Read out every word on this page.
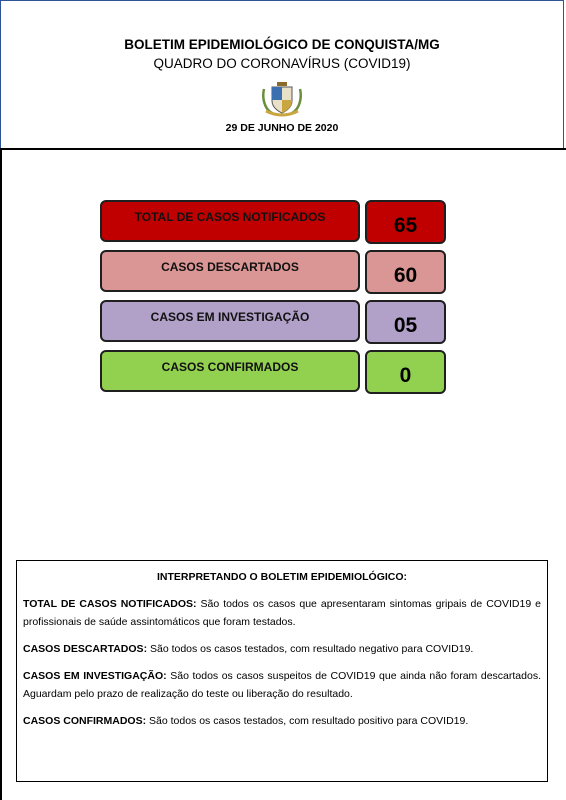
BOLETIM EPIDEMIOLÓGICO DE CONQUISTA/MG
QUADRO DO CORONAVÍRUS (COVID19)
29 DE JUNHO DE 2020
TOTAL DE CASOS NOTIFICADOS	65
CASOS DESCARTADOS	60
CASOS EM INVESTIGAÇÃO	05
CASOS CONFIRMADOS	0
INTERPRETANDO O BOLETIM EPIDEMIOLÓGICO:

TOTAL DE CASOS NOTIFICADOS: São todos os casos que apresentaram sintomas gripais de COVID19 e profissionais de saúde assintomáticos que foram testados.

CASOS DESCARTADOS: São todos os casos testados, com resultado negativo para COVID19.

CASOS EM INVESTIGAÇÃO: São todos os casos suspeitos de COVID19 que ainda não foram descartados. Aguardam pelo prazo de realização do teste ou liberação do resultado.

CASOS CONFIRMADOS: São todos os casos testados, com resultado positivo para COVID19.
